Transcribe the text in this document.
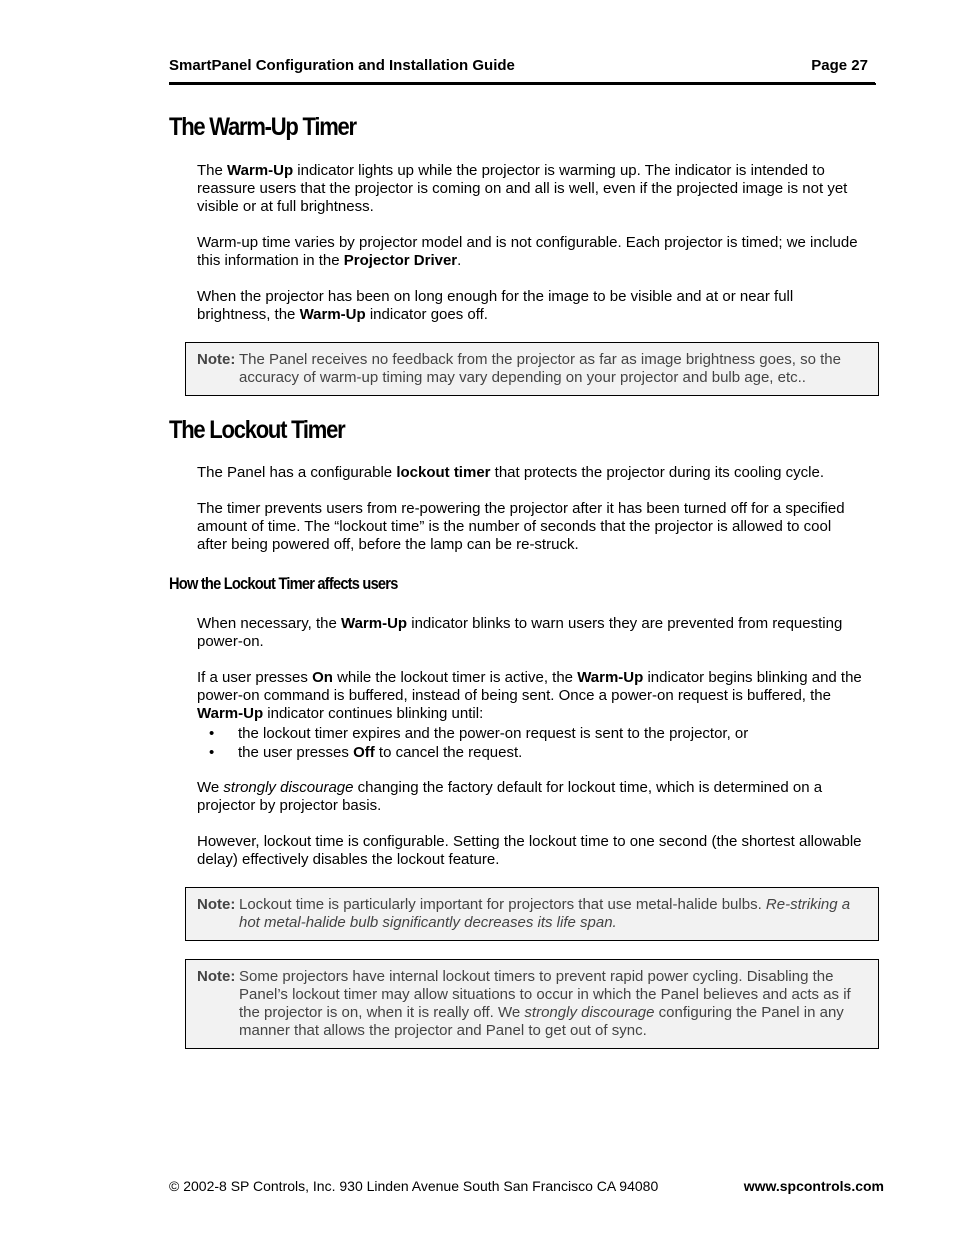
SmartPanel Configuration and Installation Guide	Page 27
The Warm-Up Timer

The Warm-Up indicator lights up while the projector is warming up. The indicator is intended to reassure users that the projector is coming on and all is well, even if the projected image is not yet visible or at full brightness.

Warm-up time varies by projector model and is not configurable. Each projector is timed; we include this information in the Projector Driver.

When the projector has been on long enough for the image to be visible and at or near full brightness, the Warm-Up indicator goes off.

Note: The Panel receives no feedback from the projector as far as image brightness goes, so the accuracy of warm-up timing may vary depending on your projector and bulb age, etc..
The Lockout Timer

The Panel has a configurable lockout timer that protects the projector during its cooling cycle.

The timer prevents users from re-powering the projector after it has been turned off for a specified amount of time. The “lockout time” is the number of seconds that the projector is allowed to cool after being powered off, before the lamp can be re-struck.

How the Lockout Timer affects users

When necessary, the Warm-Up indicator blinks to warn users they are prevented from requesting power-on.

If a user presses On while the lockout timer is active, the Warm-Up indicator begins blinking and the power-on command is buffered, instead of being sent. Once a power-on request is buffered, the Warm-Up indicator continues blinking until:

• the lockout timer expires and the power-on request is sent to the projector, or
• the user presses Off to cancel the request.

We strongly discourage changing the factory default for lockout time, which is determined on a projector by projector basis.

However, lockout time is configurable. Setting the lockout time to one second (the shortest allowable delay) effectively disables the lockout feature.

Note: Lockout time is particularly important for projectors that use metal-halide bulbs. Re-striking a hot metal-halide bulb significantly decreases its life span.
Note: Some projectors have internal lockout timers to prevent rapid power cycling. Disabling the Panel’s lockout timer may allow situations to occur in which the Panel believes and acts as if the projector is on, when it is really off. We strongly discourage configuring the Panel in any manner that allows the projector and Panel to get out of sync.
© 2002-8 SP Controls, Inc. 930 Linden Avenue South San Francisco CA 94080	www.spcontrols.com
